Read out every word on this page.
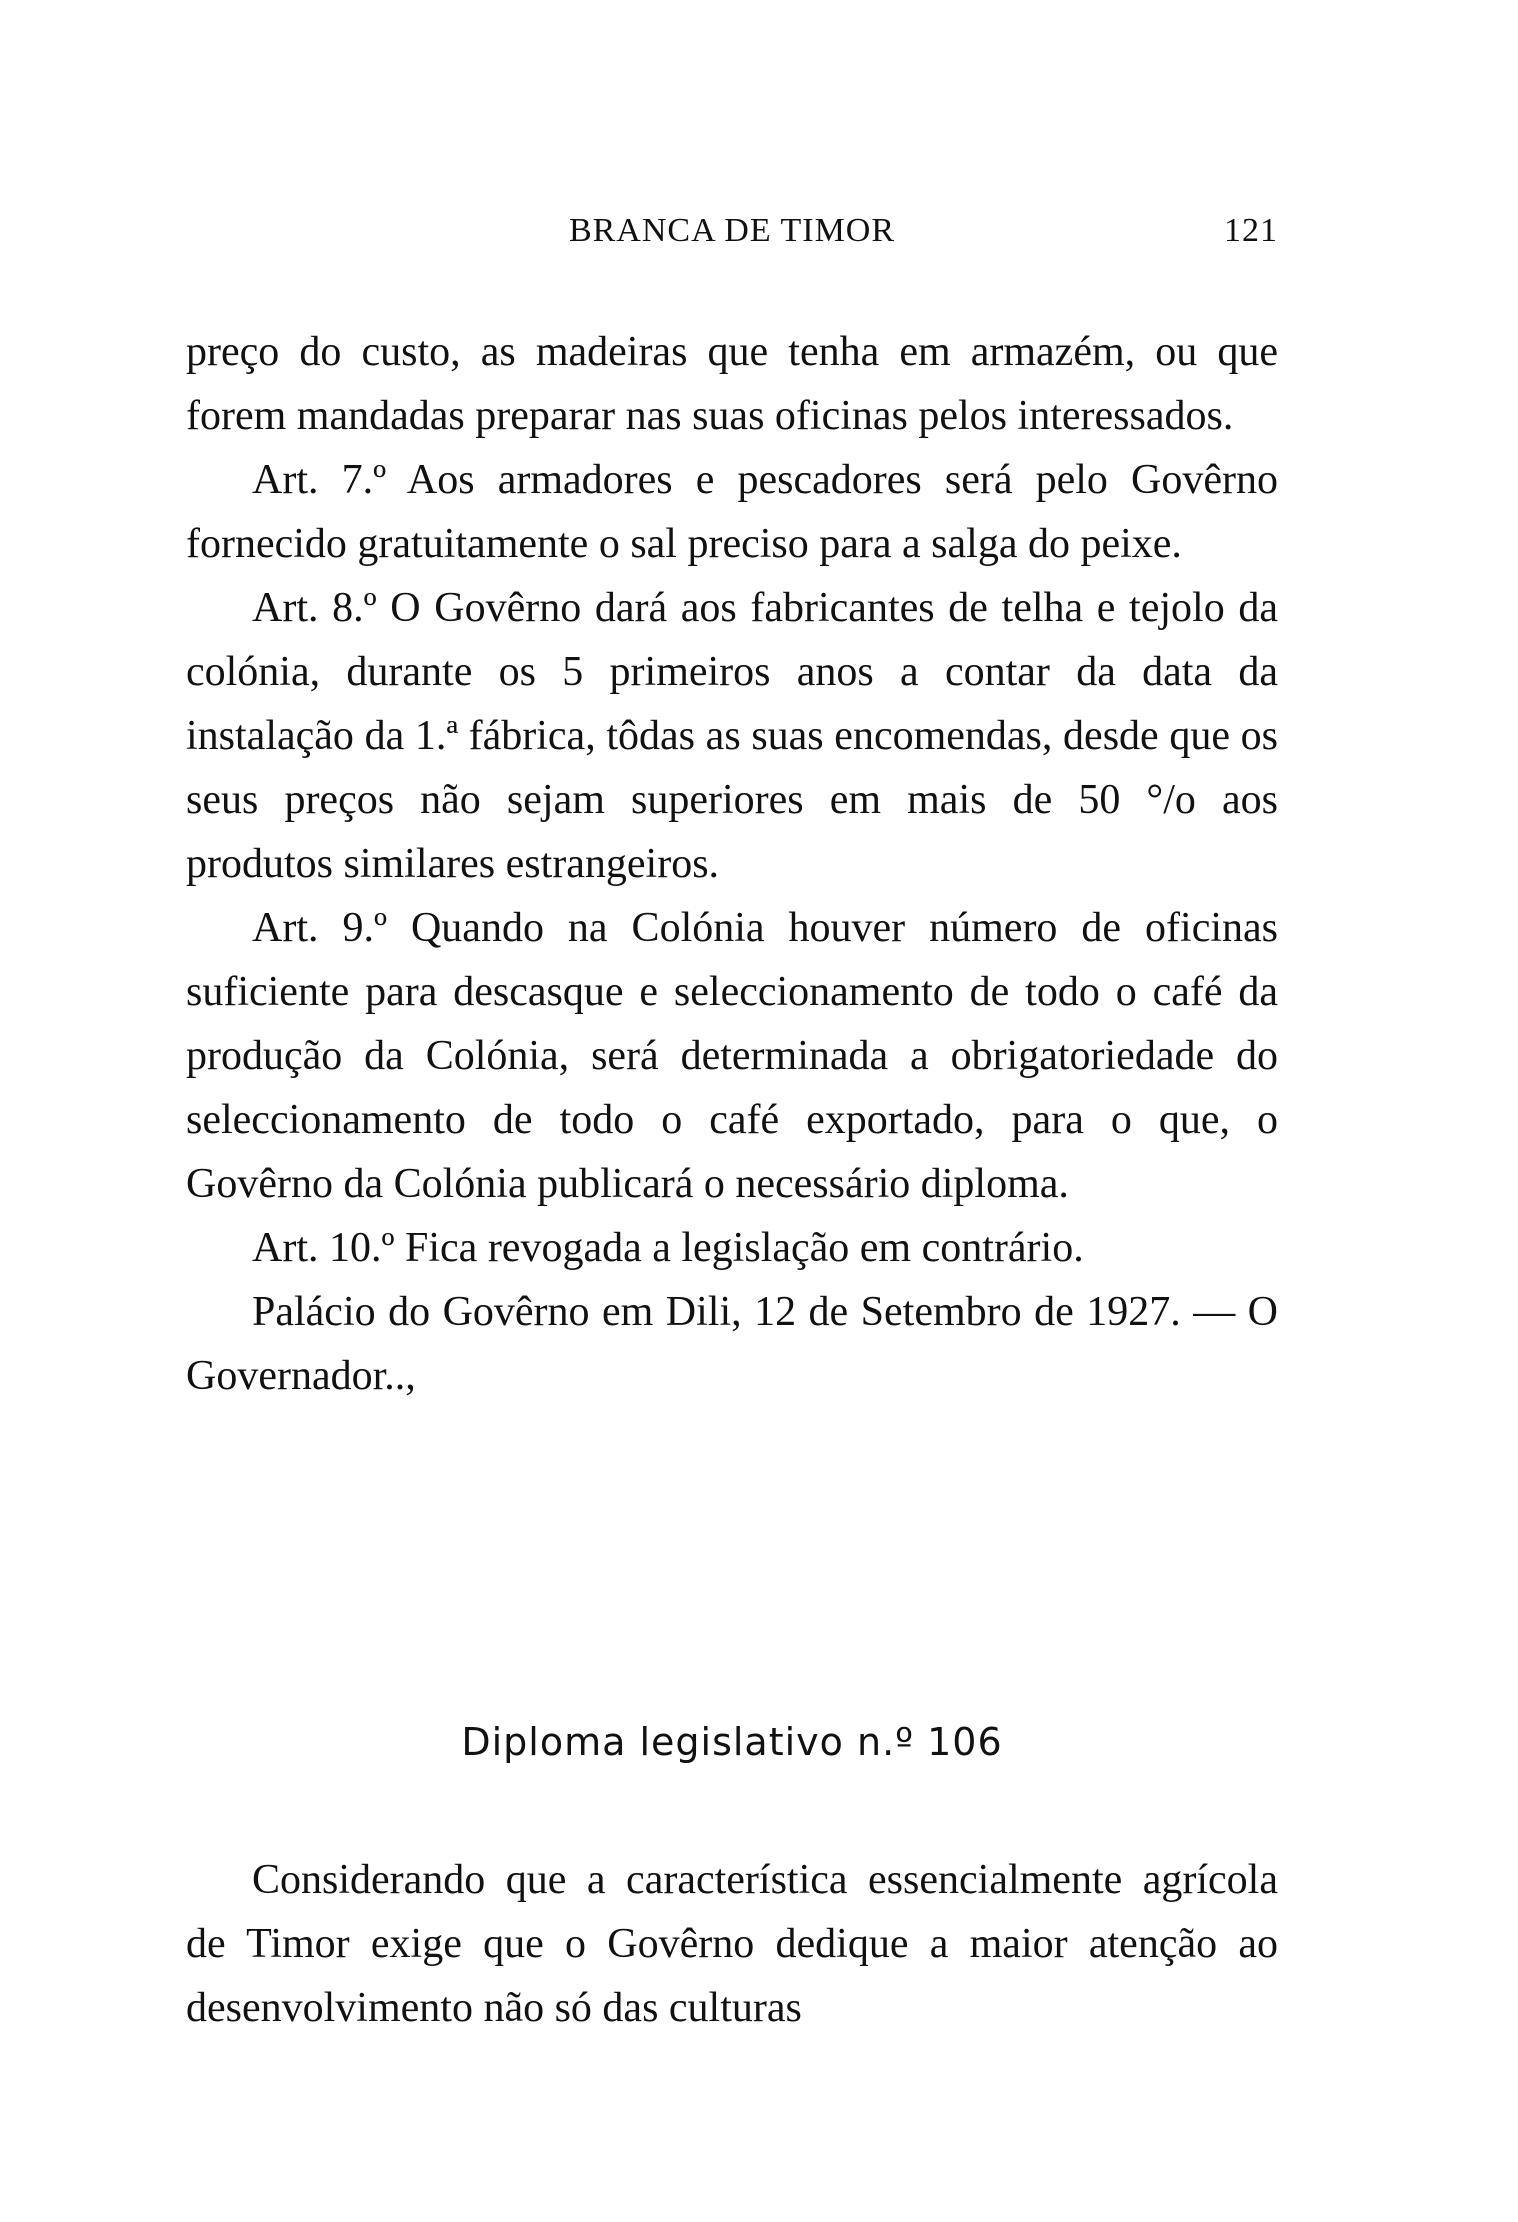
BRANCA DE TIMOR	121

preço do custo, as madeiras que tenha em armazém, ou que forem mandadas preparar nas suas oficinas pelos interessados.

Art. 7.º Aos armadores e pescadores será pelo Govêrno fornecido gratuitamente o sal preciso para a salga do peixe.

Art. 8.º O Govêrno dará aos fabricantes de telha e tejolo da colónia, durante os 5 primeiros anos a contar da data da instalação da 1.ª fábrica, tôdas as suas encomendas, desde que os seus preços não sejam superiores em mais de 50 °/o aos produtos similares estrangeiros.

Art. 9.º Quando na Colónia houver número de oficinas suficiente para descasque e seleccionamento de todo o café da produção da Colónia, será determinada a obrigatoriedade do seleccionamento de todo o café exportado, para o que, o Govêrno da Colónia publicará o necessário diploma.

Art. 10.º Fica revogada a legislação em contrário.

Palácio do Govêrno em Dili, 12 de Setembro de 1927. — O Governador..,

Diploma legislativo n.º 106

Considerando que a característica essencialmente agrícola de Timor exige que o Govêrno dedique a maior atenção ao desenvolvimento não só das culturas
